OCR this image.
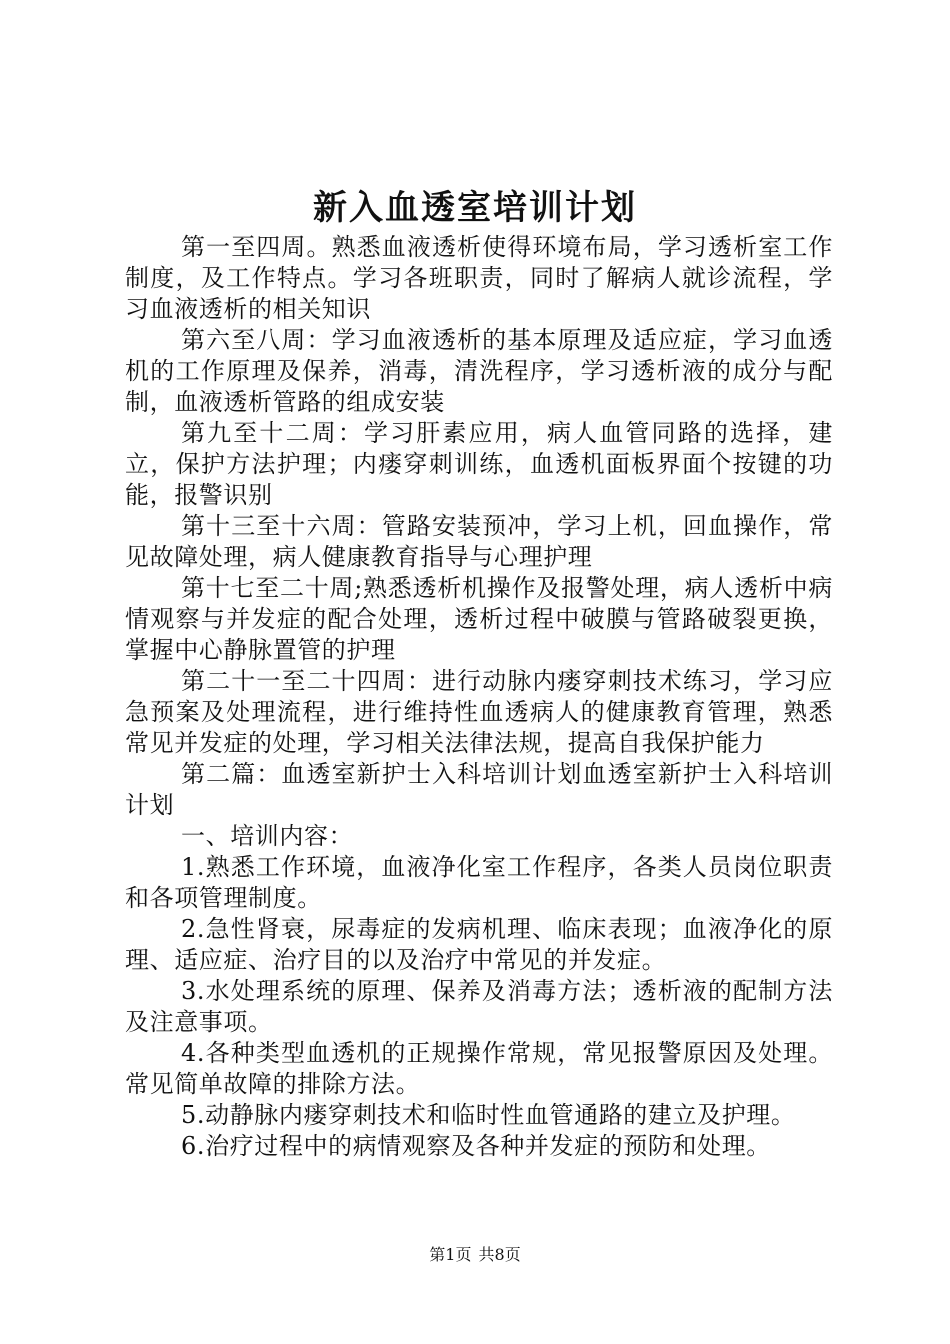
新入血透室培训计划

第一至四周。熟悉血液透析使得环境布局，学习透析室工作制度，及工作特点。学习各班职责，同时了解病人就诊流程，学习血液透析的相关知识

第六至八周：学习血液透析的基本原理及适应症，学习血透机的工作原理及保养，消毒，清洗程序，学习透析液的成分与配制，血液透析管路的组成安装

第九至十二周：学习肝素应用，病人血管同路的选择，建立，保护方法护理；内瘘穿刺训练，血透机面板界面个按键的功能，报警识别

第十三至十六周：管路安装预冲，学习上机，回血操作，常见故障处理，病人健康教育指导与心理护理

第十七至二十周;熟悉透析机操作及报警处理，病人透析中病情观察与并发症的配合处理，透析过程中破膜与管路破裂更换，掌握中心静脉置管的护理

第二十一至二十四周：进行动脉内瘘穿刺技术练习，学习应急预案及处理流程，进行维持性血透病人的健康教育管理，熟悉常见并发症的处理，学习相关法律法规，提高自我保护能力

第二篇：血透室新护士入科培训计划血透室新护士入科培训计划

一、培训内容：

1.熟悉工作环境，血液净化室工作程序，各类人员岗位职责和各项管理制度。

2.急性肾衰，尿毒症的发病机理、临床表现；血液净化的原理、适应症、治疗目的以及治疗中常见的并发症。

3.水处理系统的原理、保养及消毒方法；透析液的配制方法及注意事项。

4.各种类型血透机的正规操作常规，常见报警原因及处理。常见简单故障的排除方法。

5.动静脉内瘘穿刺技术和临时性血管通路的建立及护理。

6.治疗过程中的病情观察及各种并发症的预防和处理。

第1页 共8页
